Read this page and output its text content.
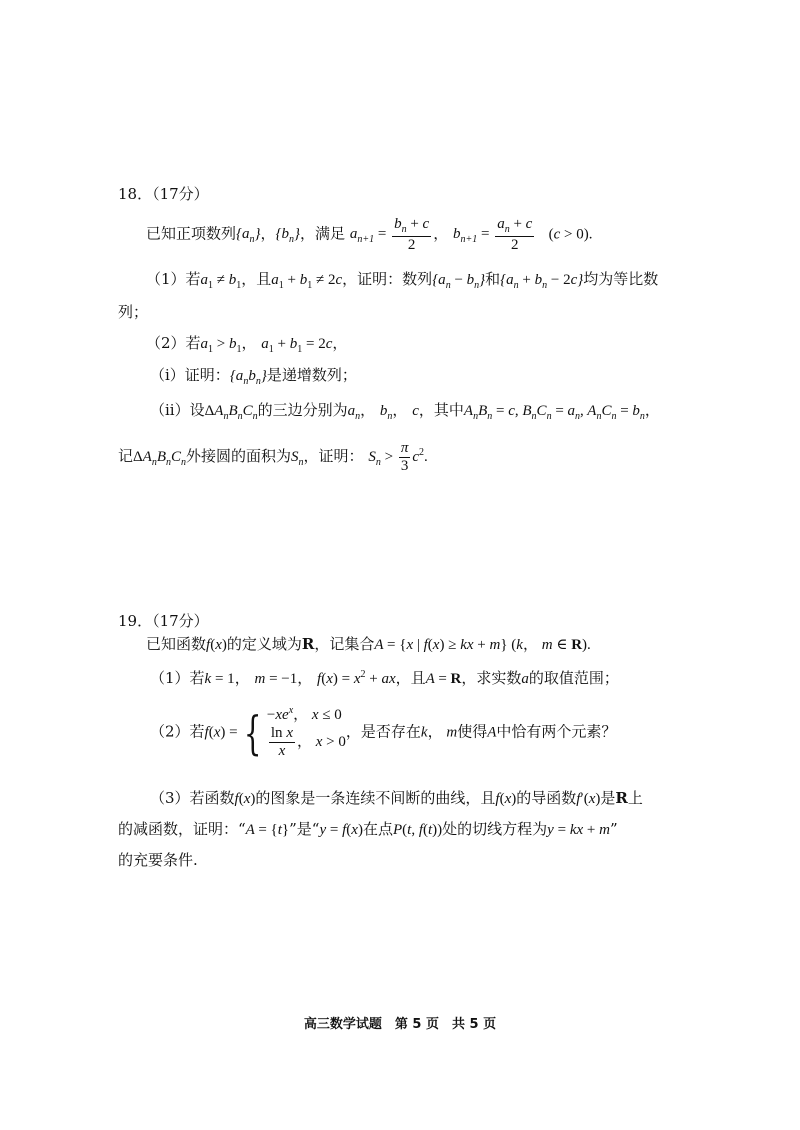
18．（17分）
已知正项数列$\{a_n\}$，$\{b_n\}$，满足 $a_{n+1} = \frac{b_n + c}{2}$ ， $b_{n+1} = \frac{a_n + c}{2} (c > 0)$.
（1）若$a_1 \ne b_1$，且$a_1 + b_1 \ne 2c$，证明：数列$\{a_n - b_n\}$和$\{a_n + b_n - 2c\}$均为等比数
列；
（2）若$a_1 > b_1$， $a_1 + b_1 = 2c$，
（i）证明：$\{a_nb_n\}$是递增数列；
（ii）设$\Delta A_nB_nC_n$的三边分别为$a_n$， $b_n$， c，其中$A_nB_n = c$, $B_nC_n = a_n$, $A_nC_n = b_n$，
记$\Delta A_nB_nC_n$外接圆的面积为$S_n$，证明： $S_n > \frac{\pi}{3} c^2$.
19．（17分）
已知函数f(x)的定义域为R，记集合A = {x | f(x) ≥ kx + m} (k， m ∈ R).
（1）若k = 1， m = −1， $f(x) = x^2$ + ax，且A = R，求实数a的取值范围；
（2）若f(x) = { $-xe^x$， x ≤ 0
$\frac{\text{ln x}}{x}$ ， x > 0
，是否存在k， m使得A中恰有两个元素？
（3）若函数f(x)的图象是一条连续不间断的曲线，且f(x)的导函数f′(x)是R上
的减函数，证明：“A = {t}”是“y = f(x)在点P(t, f(t))处的切线方程为y = kx + m”
的充要条件.
高三数学试题　第 5 页　共 5 页
